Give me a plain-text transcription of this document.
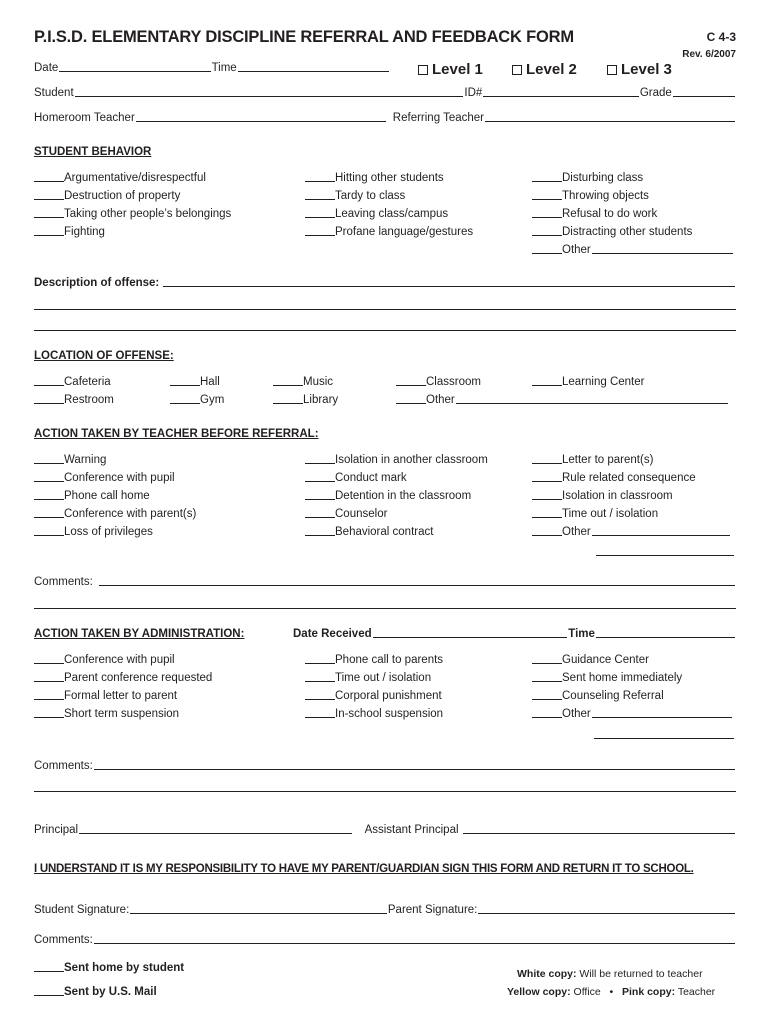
P.I.S.D. ELEMENTARY DISCIPLINE REFERRAL AND FEEDBACK FORM	C 4-3
Rev. 6/2007
Date	Time	Level 1	Level 2	Level 3
Student	ID#	Grade
Homeroom Teacher	Referring Teacher
STUDENT BEHAVIOR
Argumentative/disrespectful
Destruction of property
Taking other people’s belongings
Fighting
Hitting other students
Tardy to class
Leaving class/campus
Profane language/gestures
Disturbing class
Throwing objects
Refusal to do work
Distracting other students
Other
Description of offense:
LOCATION OF OFFENSE:
Cafeteria	Hall	Music	Classroom	Learning Center
Restroom	Gym	Library	Other
ACTION TAKEN BY TEACHER BEFORE REFERRAL:
Warning
Conference with pupil
Phone call home
Conference with parent(s)
Loss of privileges
Isolation in another classroom
Conduct mark
Detention in the classroom
Counselor
Behavioral contract
Letter to parent(s)
Rule related consequence
Isolation in classroom
Time out / isolation
Other
Comments:
ACTION TAKEN BY ADMINISTRATION:	Date Received	Time
Conference with pupil
Parent conference requested
Formal letter to parent
Short term suspension
Phone call to parents
Time out / isolation
Corporal punishment
In-school suspension
Guidance Center
Sent home immediately
Counseling Referral
Other
Comments:
Principal	Assistant Principal
I UNDERSTAND IT IS MY RESPONSIBILITY TO HAVE MY PARENT/GUARDIAN SIGN THIS FORM AND RETURN IT TO SCHOOL.
Student Signature:	Parent Signature:
Comments:
Sent home by student
Sent by U.S. Mail
White copy: Will be returned to teacher
Yellow copy: Office • Pink copy: Teacher
